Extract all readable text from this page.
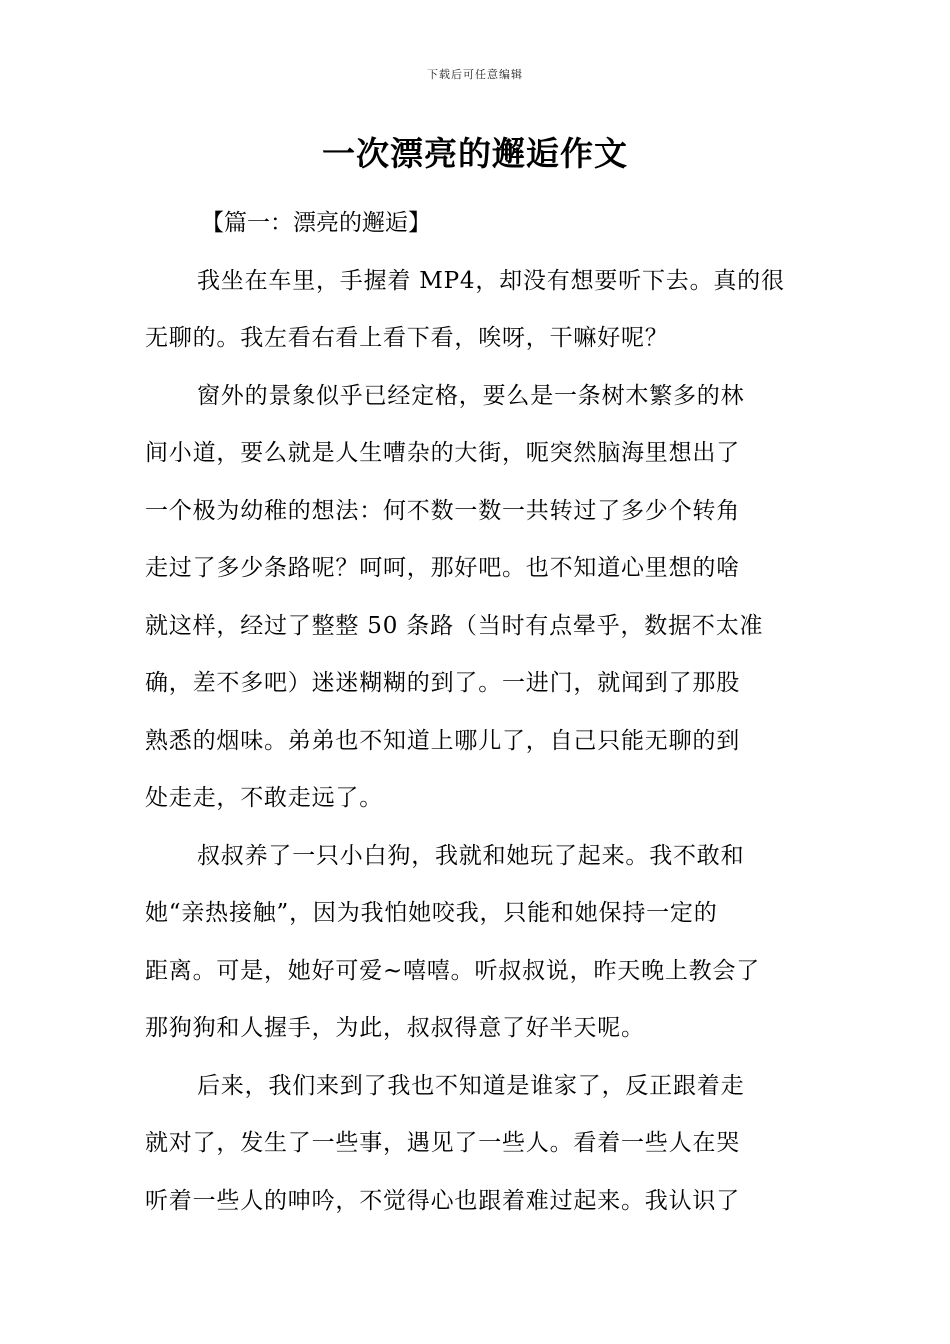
下载后可任意编辑
一次漂亮的邂逅作文

【篇一：漂亮的邂逅】

我坐在车里，手握着 MP4，却没有想要听下去。真的很

无聊的。我左看右看上看下看，唉呀，干嘛好呢？

窗外的景象似乎已经定格，要么是一条树木繁多的林

间小道，要么就是人生嘈杂的大街，呃突然脑海里想出了

一个极为幼稚的想法：何不数一数一共转过了多少个转角

走过了多少条路呢？呵呵，那好吧。也不知道心里想的啥

就这样，经过了整整 50 条路（当时有点晕乎，数据不太准

确，差不多吧）迷迷糊糊的到了。一进门，就闻到了那股

熟悉的烟味。弟弟也不知道上哪儿了，自己只能无聊的到

处走走，不敢走远了。

叔叔养了一只小白狗，我就和她玩了起来。我不敢和

她“亲热接触”，因为我怕她咬我，只能和她保持一定的

距离。可是，她好可爱~嘻嘻。听叔叔说，昨天晚上教会了

那狗狗和人握手，为此，叔叔得意了好半天呢。

后来，我们来到了我也不知道是谁家了，反正跟着走

就对了，发生了一些事，遇见了一些人。看着一些人在哭

听着一些人的呻吟，不觉得心也跟着难过起来。我认识了
